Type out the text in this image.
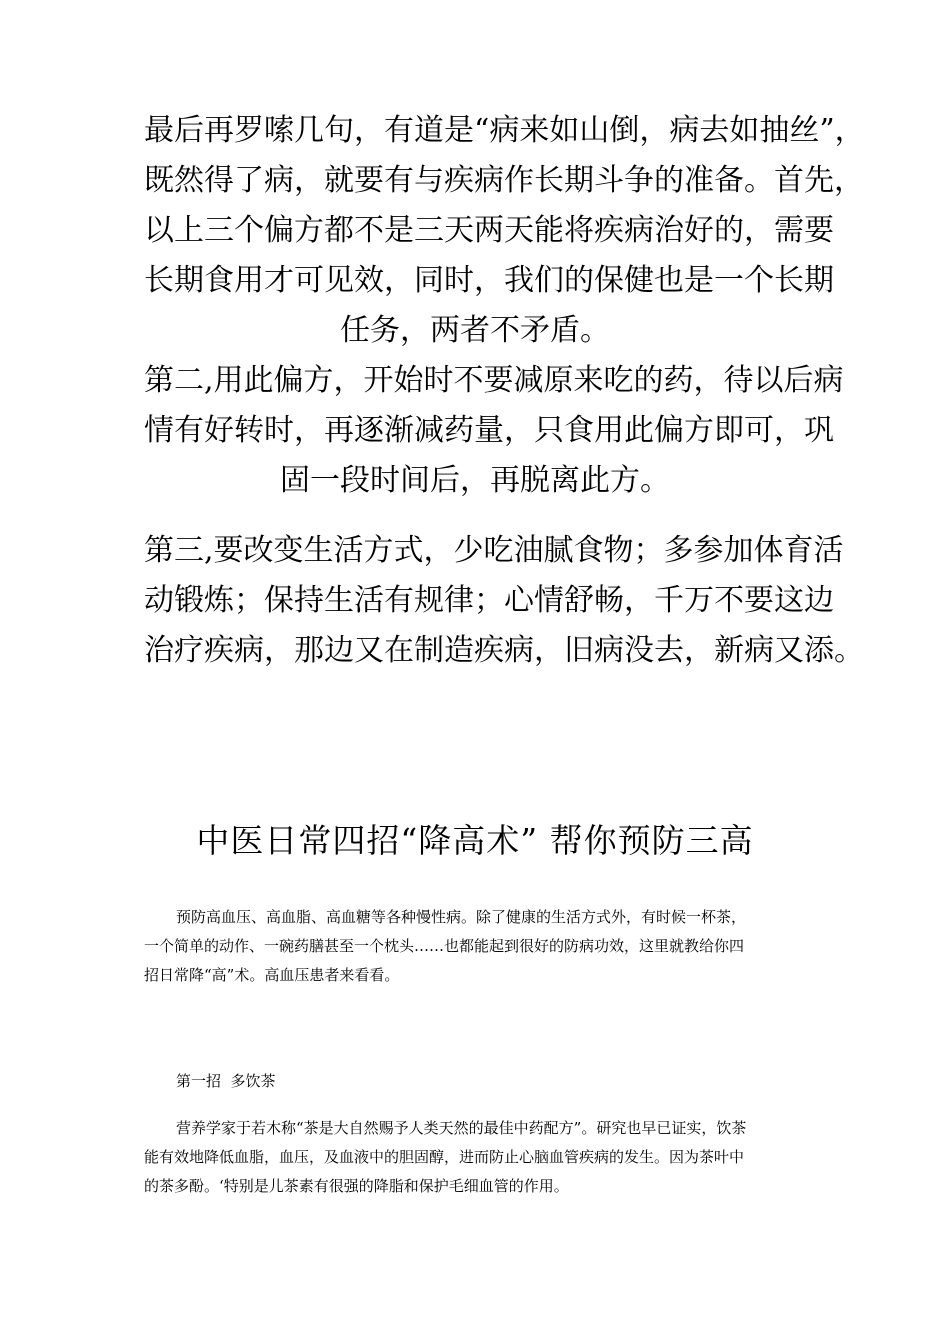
最后再罗嗦几句，有道是“病来如山倒，病去如抽丝”，
既然得了病，就要有与疾病作长期斗争的准备。首先，
以上三个偏方都不是三天两天能将疾病治好的，需要
长期食用才可见效，同时，我们的保健也是一个长期
任务，两者不矛盾。
第二,用此偏方，开始时不要减原来吃的药，待以后病
情有好转时，再逐渐减药量，只食用此偏方即可，巩
固一段时间后，再脱离此方。
第三,要改变生活方式，少吃油腻食物；多参加体育活
动锻炼；保持生活有规律；心情舒畅，千万不要这边
治疗疾病，那边又在制造疾病，旧病没去，新病又添。
中医日常四招“降高术” 帮你预防三高
预防高血压、高血脂、高血糖等各种慢性病。除了健康的生活方式外，有时候一杯茶，
一个简单的动作、一碗药膳甚至一个枕头……也都能起到很好的防病功效，这里就教给你四
招日常降“高”术。高血压患者来看看。
第一招  多饮茶
营养学家于若木称“茶是大自然赐予人类天然的最佳中药配方”。研究也早已证实，饮茶
能有效地降低血脂，血压，及血液中的胆固醇，进而防止心脑血管疾病的发生。因为茶叶中
的茶多酚。‘特别是儿茶素有很强的降脂和保护毛细血管的作用。
